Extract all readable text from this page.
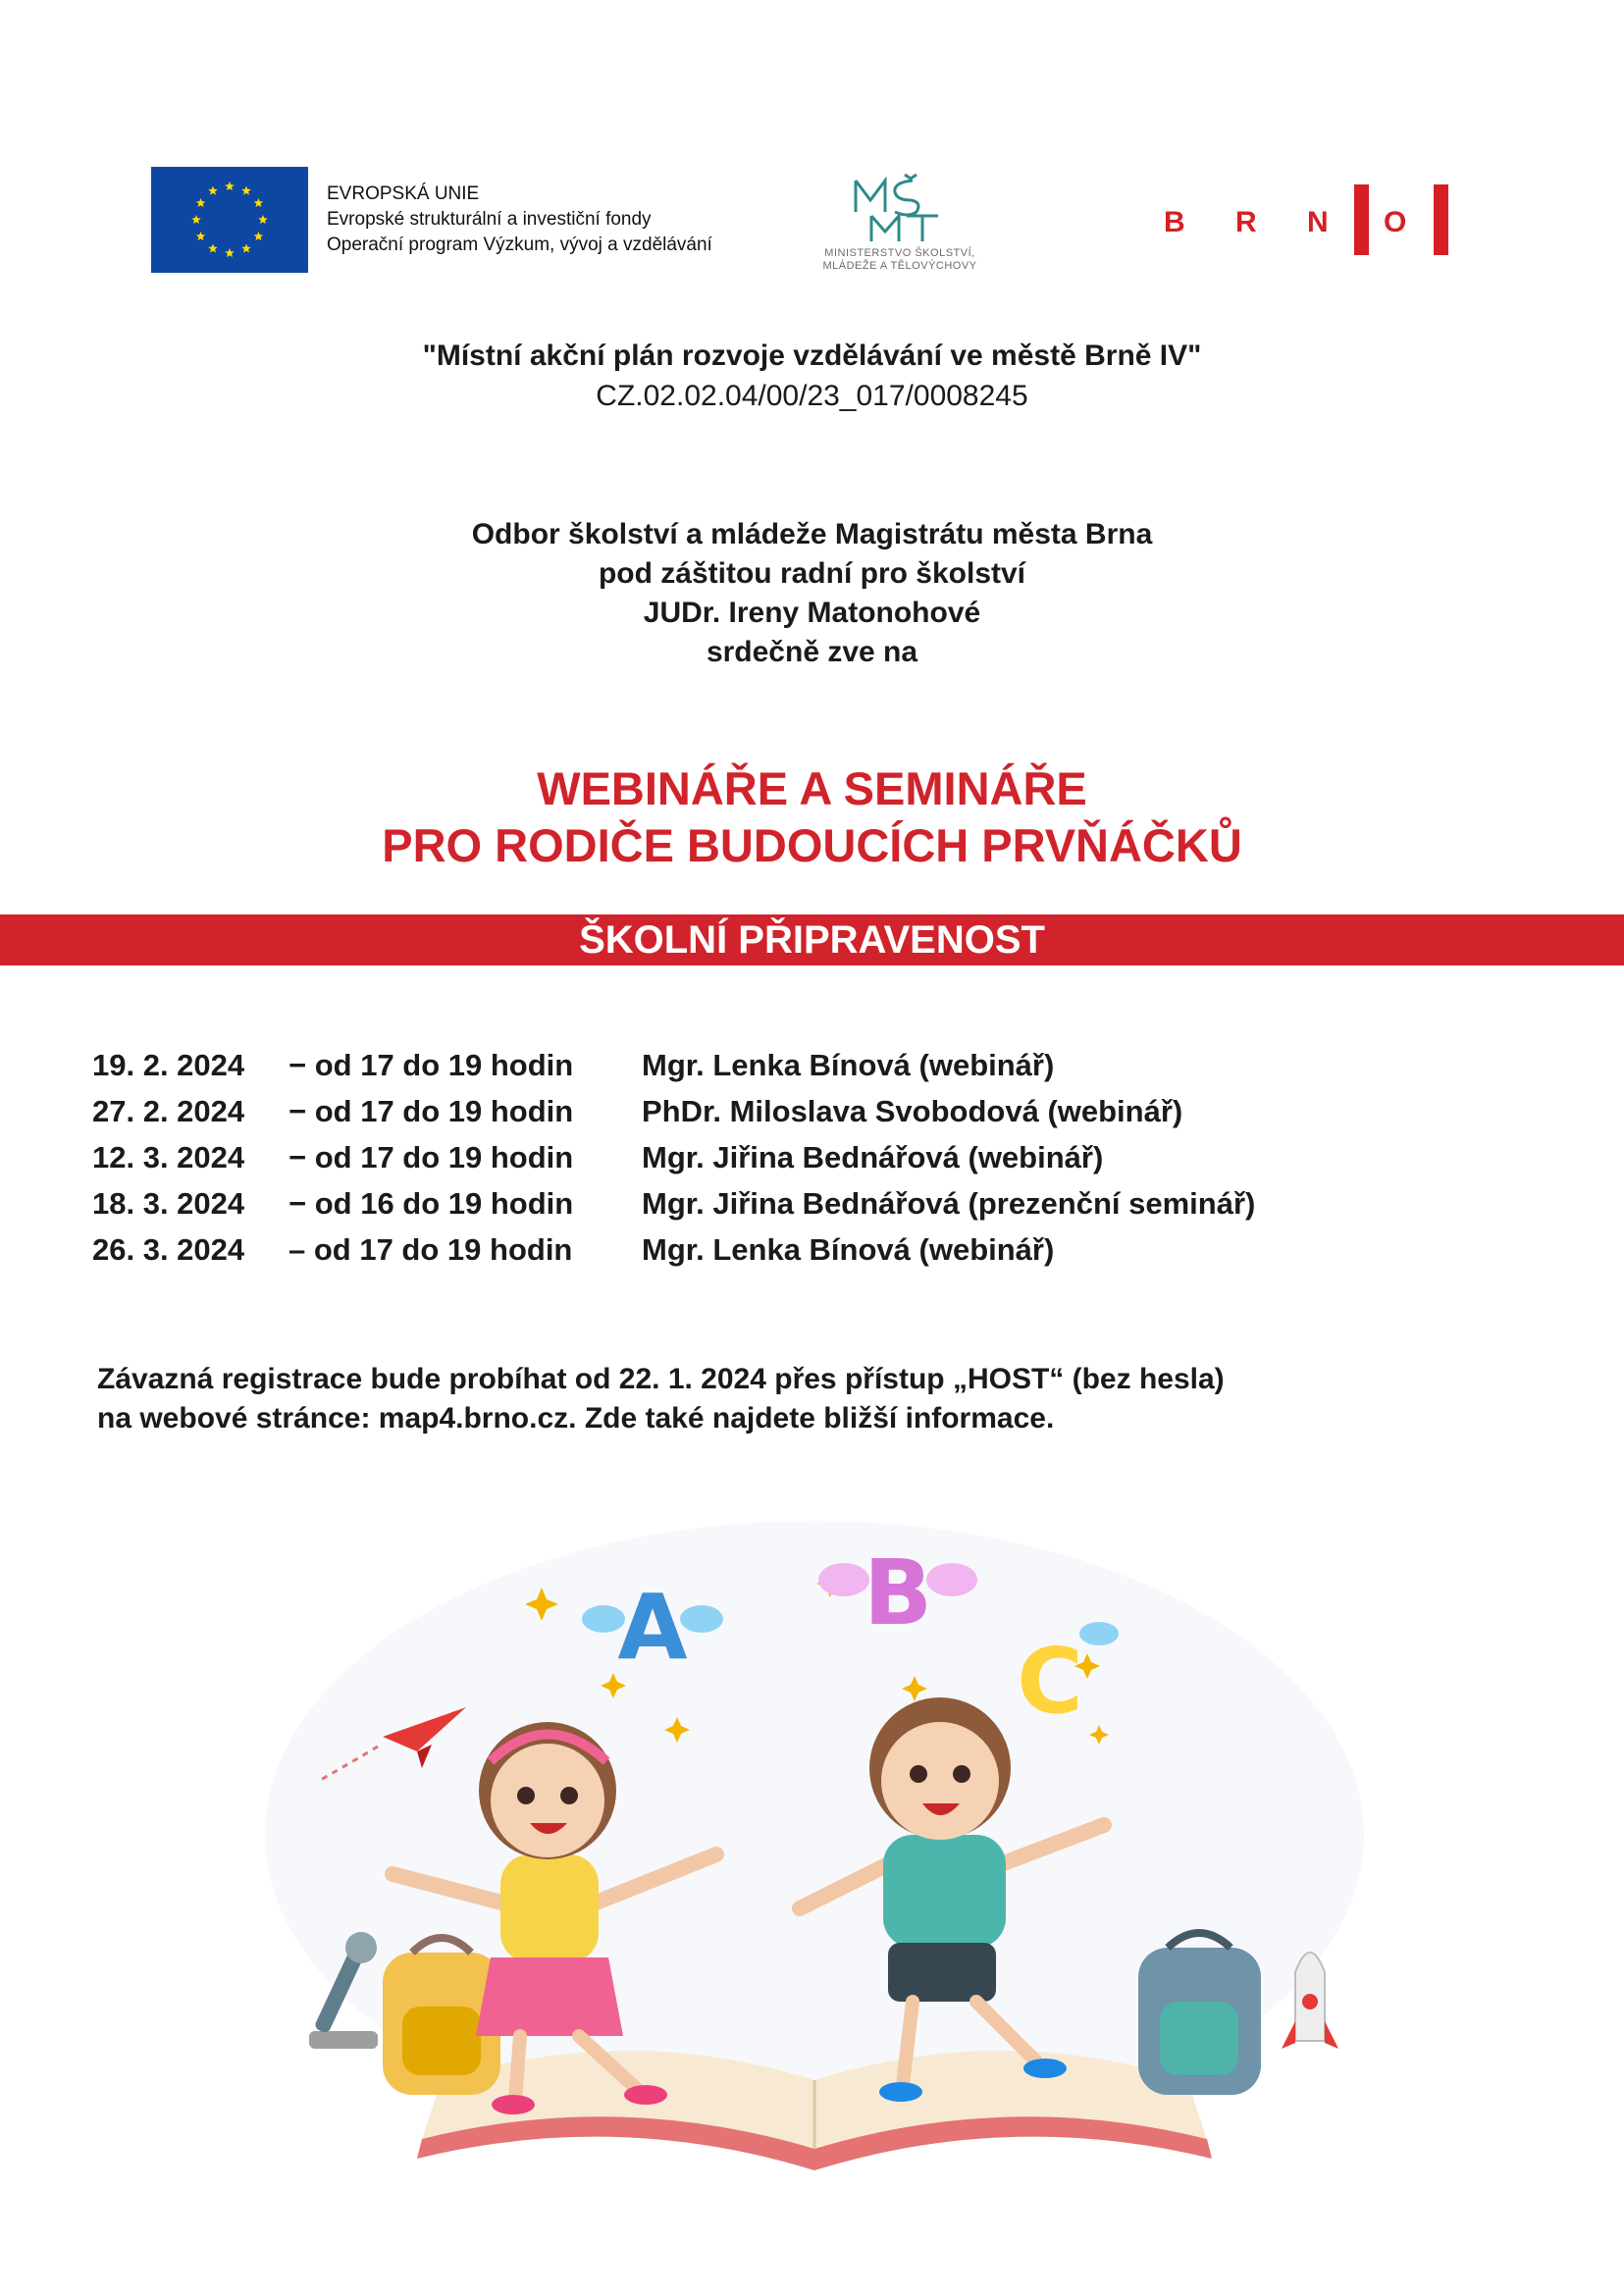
EVROPSKÁ UNIE
Evropské strukturální a investiční fondy
Operační program Výzkum, vývoj a vzdělávání	MINISTERSTVO ŠKOLSTVÍ,
MLÁDEŽE A TĚLOVÝCHOVY
B R N O
"Místní akční plán rozvoje vzdělávání ve městě Brně IV"
CZ.02.02.04/00/23_017/0008245
Odbor školství a mládeže Magistrátu města Brna
pod záštitou radní pro školství
JUDr. Ireny Matonohové
srdečně zve na
WEBINÁŘE A SEMINÁŘE
PRO RODIČE BUDOUCÍCH PRVŇÁČKŮ
ŠKOLNÍ PŘIPRAVENOST
19. 2. 2024 − od 17 do 19 hodin Mgr. Lenka Bínová (webinář)
27. 2. 2024 − od 17 do 19 hodin PhDr. Miloslava Svobodová (webinář)
12. 3. 2024 − od 17 do 19 hodin Mgr. Jiřina Bednářová (webinář)
18. 3. 2024 − od 16 do 19 hodin Mgr. Jiřina Bednářová (prezenční seminář)
26. 3. 2024 – od 17 do 19 hodin Mgr. Lenka Bínová (webinář)
Závazná registrace bude probíhat od 22. 1. 2024 přes přístup „HOST“ (bez hesla)
na webové stránce: map4.brno.cz. Zde také najdete bližší informace.
A B
C
